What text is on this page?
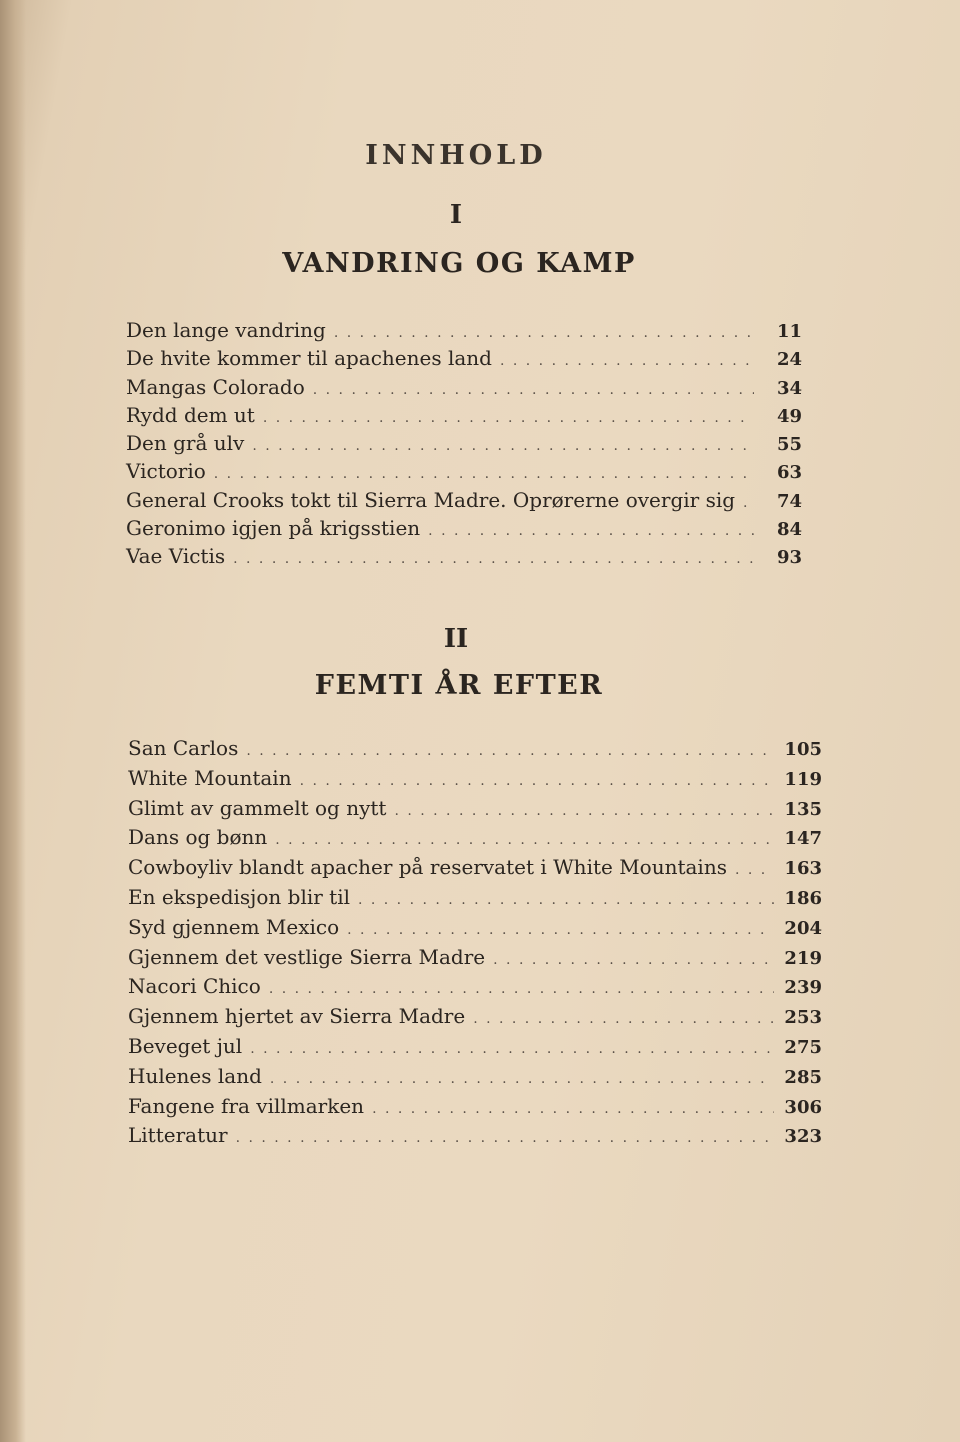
INNHOLD
I
VANDRING OG KAMP
Den lange vandring . . .	11
De hvite kommer til apachenes land . . .	24
Mangas Colorado . . .	34
Rydd dem ut . . .	49
Den grå ulv . . .	55
Victorio . . .	63
General Crooks tokt til Sierra Madre. Oprørerne overgir sig . . .	74
Geronimo igjen på krigsstien . . .	84
Vae Victis . . .	93
II
FEMTI ÅR EFTER
San Carlos . . .	105
White Mountain . . .	119
Glimt av gammelt og nytt . . .	135
Dans og bønn . . .	147
Cowboyliv blandt apacher på reservatet i White Mountains . . .	163
En ekspedisjon blir til . . .	186
Syd gjennem Mexico . . .	204
Gjennem det vestlige Sierra Madre . . .	219
Nacori Chico . . .	239
Gjennem hjertet av Sierra Madre . . .	253
Beveget jul . . .	275
Hulenes land . . .	285
Fangene fra villmarken . . .	306
Litteratur . . .	323
